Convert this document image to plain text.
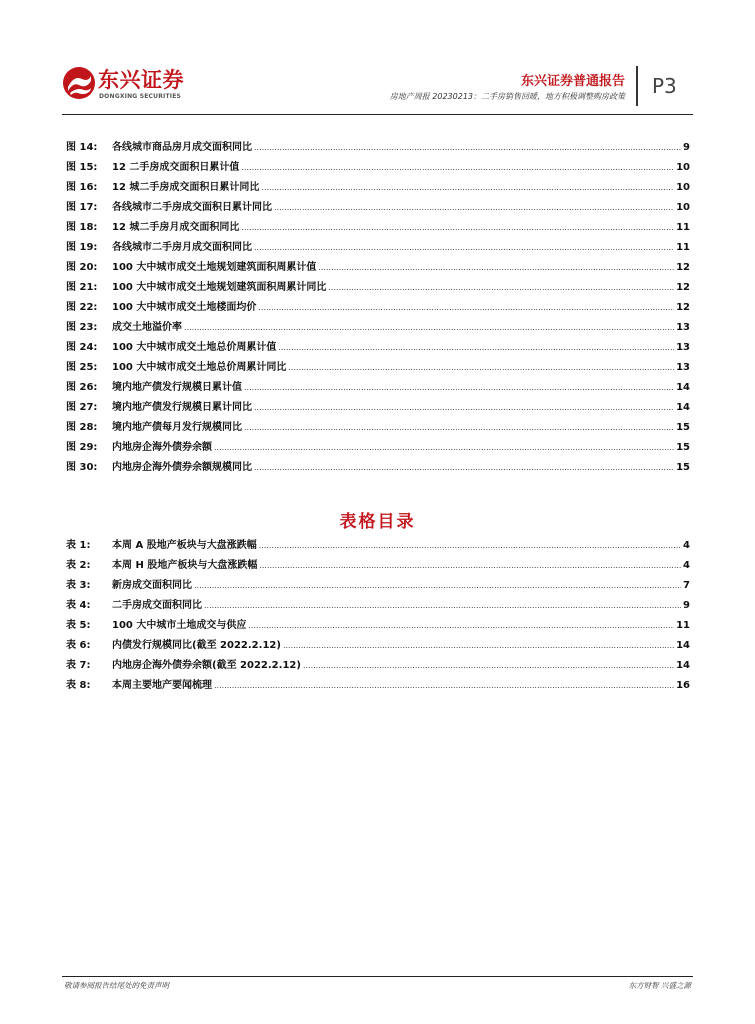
东兴证券
DONGXING SECURITIES
东兴证券普通报告
房地产周报 20230213：二手房销售回暖，地方积极调整购房政策 P3
图 14: 各线城市商品房月成交面积同比 .....	9
图 15: 12 二手房成交面积日累计值 .....	10
图 16: 12 城二手房成交面积日累计同比 .....	10
图 17: 各线城市二手房成交面积日累计同比 .....	10
图 18: 12 城二手房月成交面积同比 .....	11
图 19: 各线城市二手房月成交面积同比 .....	11
图 20: 100 大中城市成交土地规划建筑面积周累计值 .....	12
图 21: 100 大中城市成交土地规划建筑面积周累计同比 .....	12
图 22: 100 大中城市成交土地楼面均价 .....	12
图 23: 成交土地溢价率 .....	13
图 24: 100 大中城市成交土地总价周累计值 .....	13
图 25: 100 大中城市成交土地总价周累计同比 .....	13
图 26: 境内地产债发行规模日累计值 .....	14
图 27: 境内地产债发行规模日累计同比 .....	14
图 28: 境内地产债每月发行规模同比 .....	15
图 29: 内地房企海外债券余额 .....	15
图 30: 内地房企海外债券余额规模同比 .....	15
表格目录
表 1: 本周 A 股地产板块与大盘涨跌幅 .....	4
表 2: 本周 H 股地产板块与大盘涨跌幅 .....	4
表 3: 新房成交面积同比 .....	7
表 4: 二手房成交面积同比 .....	9
表 5: 100 大中城市土地成交与供应 .....	11
表 6: 内债发行规模同比(截至 2022.2.12) .....	14
表 7: 内地房企海外债券余额(截至 2022.2.12) .....	14
表 8: 本周主要地产要闻梳理 .....	16
敬请参阅报告结尾处的免责声明	东方财智 兴盛之源
